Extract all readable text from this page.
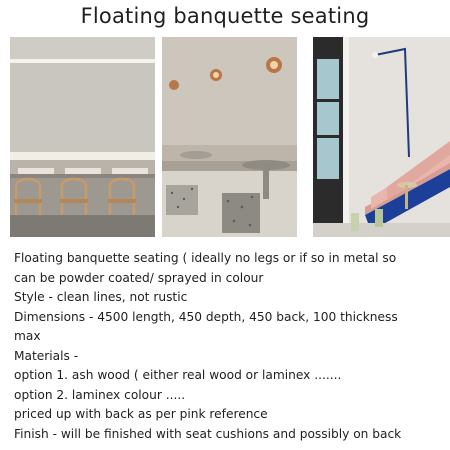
Floating banquette seating
Floating banquette seating ( ideally no legs or if so in metal so
can be powder coated/ sprayed in colour
Style - clean lines, not rustic
Dimensions - 4500 length, 450 depth, 450 back, 100 thickness
max
Materials -
option 1. ash wood ( either real wood or laminex .......
option 2. laminex colour .....
priced up with back as per pink reference
Finish - will be finished with seat cushions and possibly on back
